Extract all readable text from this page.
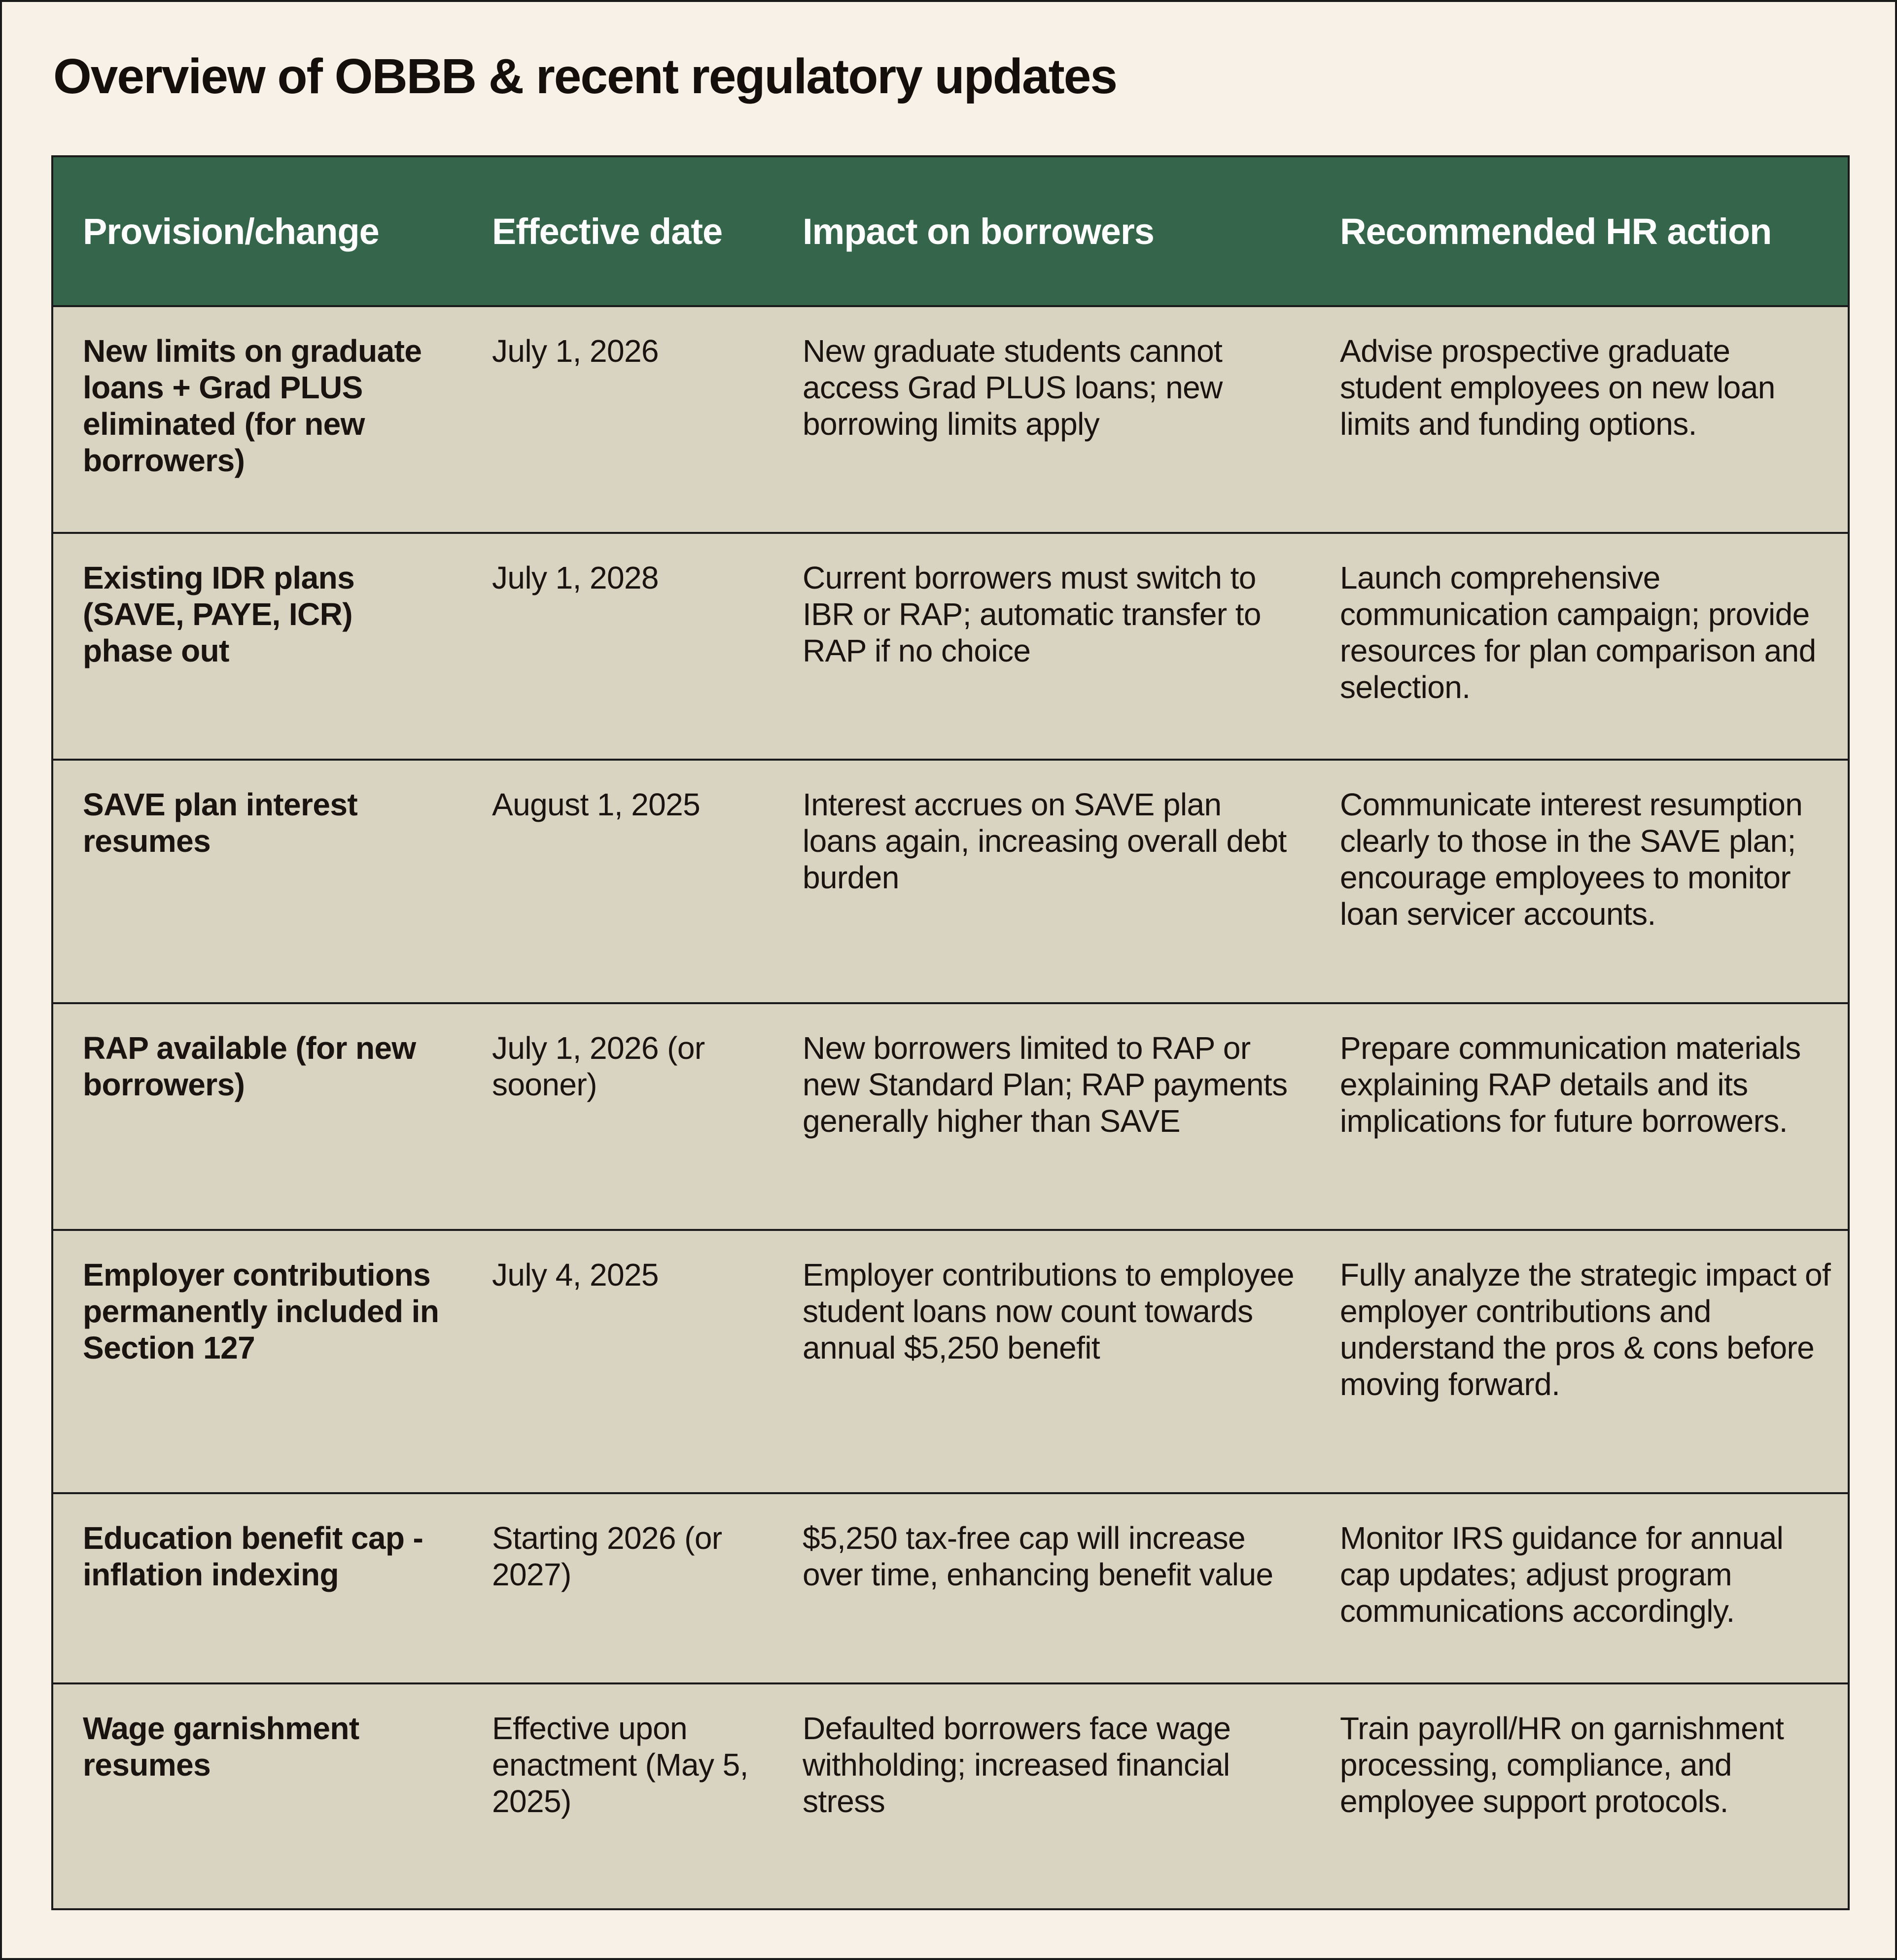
Overview of OBBB & recent regulatory updates
Provision/change	Effective date	Impact on borrowers	Recommended HR action
New limits on graduate loans + Grad PLUS eliminated (for new borrowers)	July 1, 2026	New graduate students cannot access Grad PLUS loans; new borrowing limits apply	Advise prospective graduate student employees on new loan limits and funding options.
Existing IDR plans (SAVE, PAYE, ICR) phase out	July 1, 2028	Current borrowers must switch to IBR or RAP; automatic transfer to RAP if no choice	Launch comprehensive communication campaign; provide resources for plan comparison and selection.
SAVE plan interest resumes	August 1, 2025	Interest accrues on SAVE plan loans again, increasing overall debt burden	Communicate interest resumption clearly to those in the SAVE plan; encourage employees to monitor loan servicer accounts.
RAP available (for new borrowers)	July 1, 2026 (or sooner)	New borrowers limited to RAP or new Standard Plan; RAP payments generally higher than SAVE	Prepare communication materials explaining RAP details and its implications for future borrowers.
Employer contributions permanently included in Section 127	July 4, 2025	Employer contributions to employee student loans now count towards annual $5,250 benefit	Fully analyze the strategic impact of employer contributions and understand the pros & cons before moving forward.
Education benefit cap - inflation indexing	Starting 2026 (or 2027)	$5,250 tax-free cap will increase over time, enhancing benefit value	Monitor IRS guidance for annual cap updates; adjust program communications accordingly.
Wage garnishment resumes	Effective upon enactment (May 5, 2025)	Defaulted borrowers face wage withholding; increased financial stress	Train payroll/HR on garnishment processing, compliance, and employee support protocols.
